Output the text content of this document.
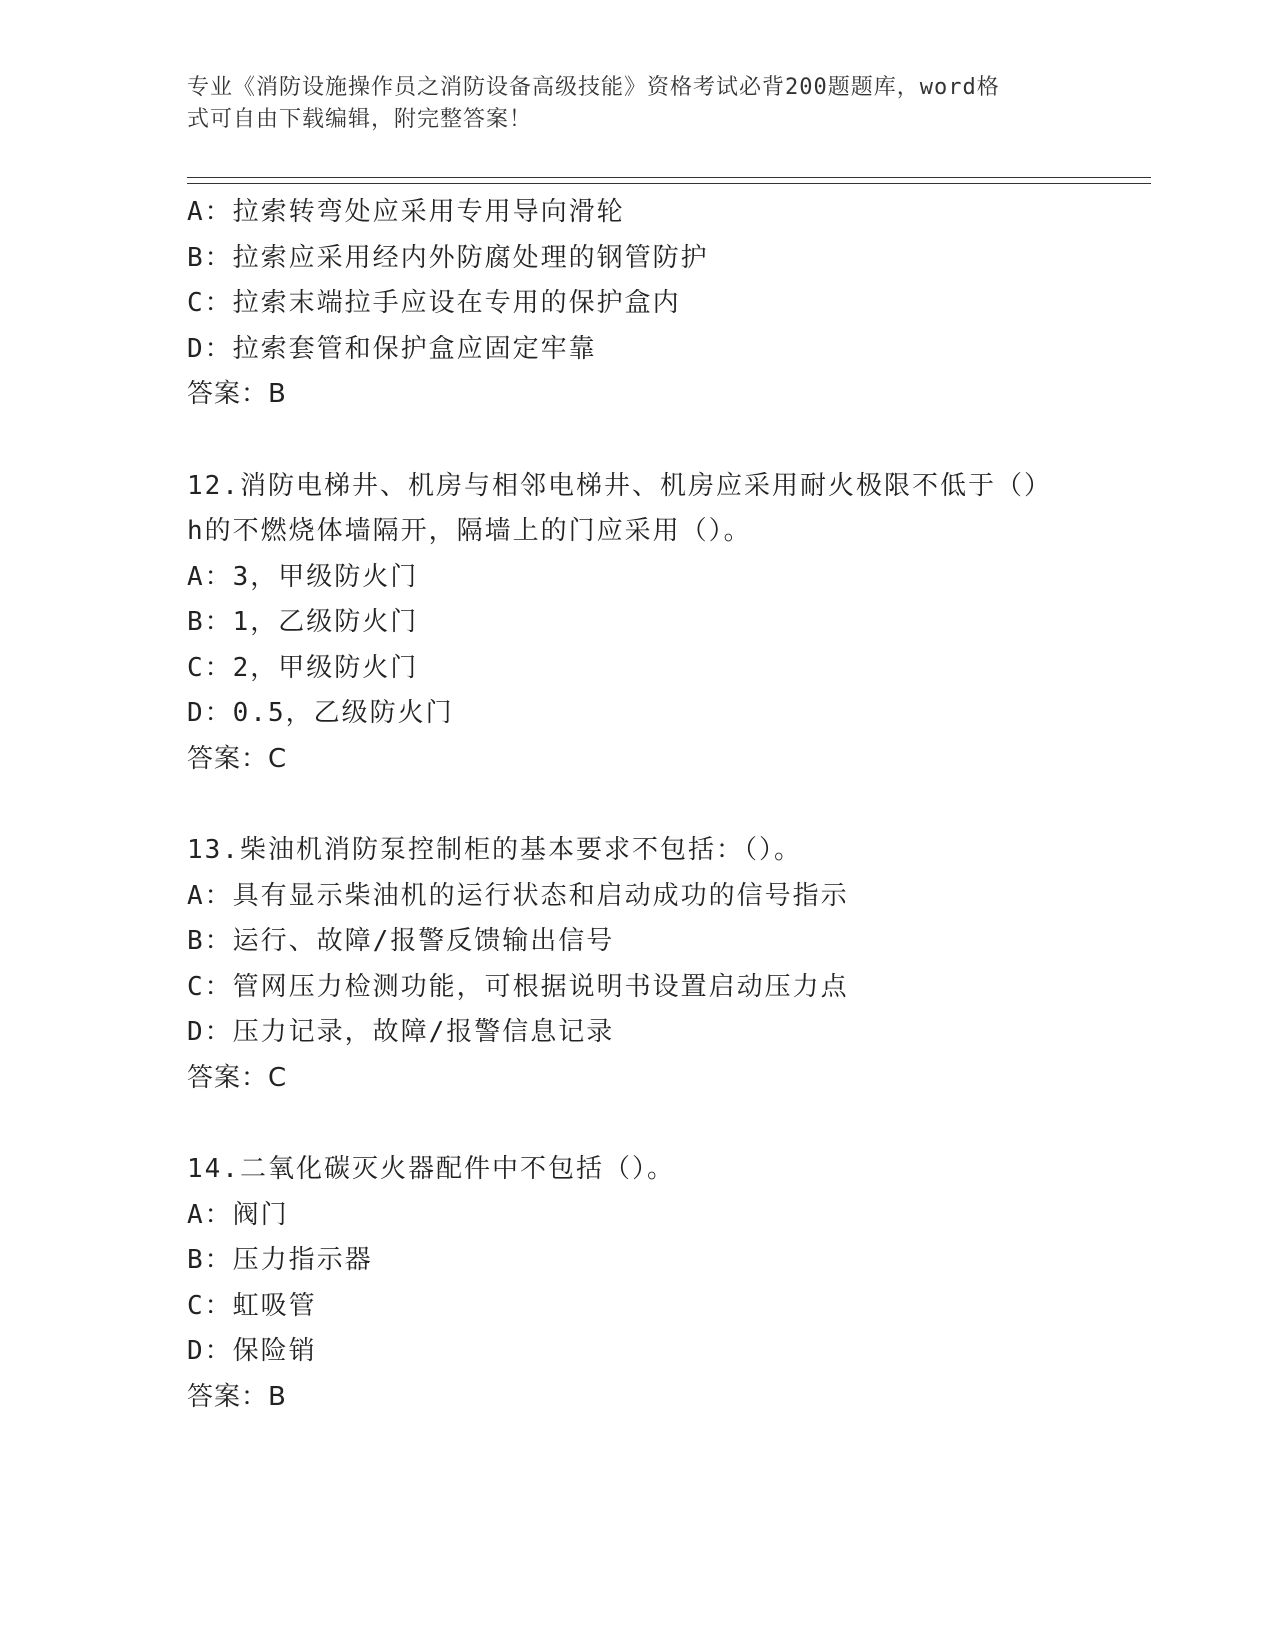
专业《消防设施操作员之消防设备高级技能》资格考试必背200题题库，word格
式可自由下载编辑，附完整答案！
A：拉索转弯处应采用专用导向滑轮
B：拉索应采用经内外防腐处理的钢管防护
C：拉索末端拉手应设在专用的保护盒内
D：拉索套管和保护盒应固定牢靠
答案：B
12.消防电梯井、机房与相邻电梯井、机房应采用耐火极限不低于（）
h的不燃烧体墙隔开，隔墙上的门应采用（）。
A：3，甲级防火门
B：1，乙级防火门
C：2，甲级防火门
D：0.5，乙级防火门
答案：C
13.柴油机消防泵控制柜的基本要求不包括：（）。
A：具有显示柴油机的运行状态和启动成功的信号指示
B：运行、故障/报警反馈输出信号
C：管网压力检测功能，可根据说明书设置启动压力点
D：压力记录，故障/报警信息记录
答案：C
14.二氧化碳灭火器配件中不包括（）。
A：阀门
B：压力指示器
C：虹吸管
D：保险销
答案：B
